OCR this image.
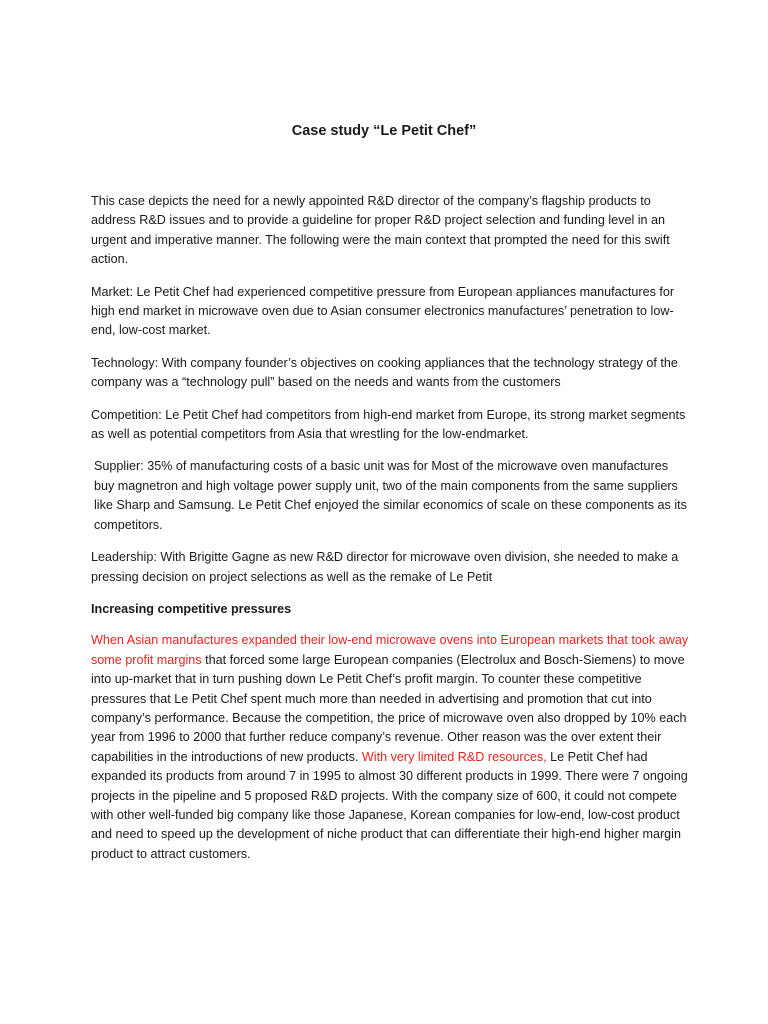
Case study “Le Petit Chef”

This case depicts the need for a newly appointed R&D director of the company’s flagship products to address R&D issues and to provide a guideline for proper R&D project selection and funding level in an urgent and imperative manner. The following were the main context that prompted the need for this swift action.

Market: Le Petit Chef had experienced competitive pressure from European appliances manufactures for high end market in microwave oven due to Asian consumer electronics manufactures’ penetration to low-end, low-cost market.

Technology: With company founder’s objectives on cooking appliances that the technology strategy of the company was a “technology pull” based on the needs and wants from the customers

Competition: Le Petit Chef had competitors from high-end market from Europe, its strong market segments as well as potential competitors from Asia that wrestling for the low-endmarket.

Supplier: 35% of manufacturing costs of a basic unit was for Most of the microwave oven manufactures buy magnetron and high voltage power supply unit, two of the main components from the same suppliers like Sharp and Samsung. Le Petit Chef enjoyed the similar economics of scale on these components as its competitors.

Leadership: With Brigitte Gagne as new R&D director for microwave oven division, she needed to make a pressing decision on project selections as well as the remake of Le Petit

Increasing competitive pressures

When Asian manufactures expanded their low-end microwave ovens into European markets that took away some profit margins that forced some large European companies (Electrolux and Bosch-Siemens) to move into up-market that in turn pushing down Le Petit Chef’s profit margin. To counter these competitive pressures that Le Petit Chef spent much more than needed in advertising and promotion that cut into company’s performance. Because the competition, the price of microwave oven also dropped by 10% each year from 1996 to 2000 that further reduce company’s revenue. Other reason was the over extent their capabilities in the introductions of new products. With very limited R&D resources, Le Petit Chef had expanded its products from around 7 in 1995 to almost 30 different products in 1999. There were 7 ongoing projects in the pipeline and 5 proposed R&D projects. With the company size of 600, it could not compete with other well-funded big company like those Japanese, Korean companies for low-end, low-cost product and need to speed up the development of niche product that can differentiate their high-end higher margin product to attract customers.
